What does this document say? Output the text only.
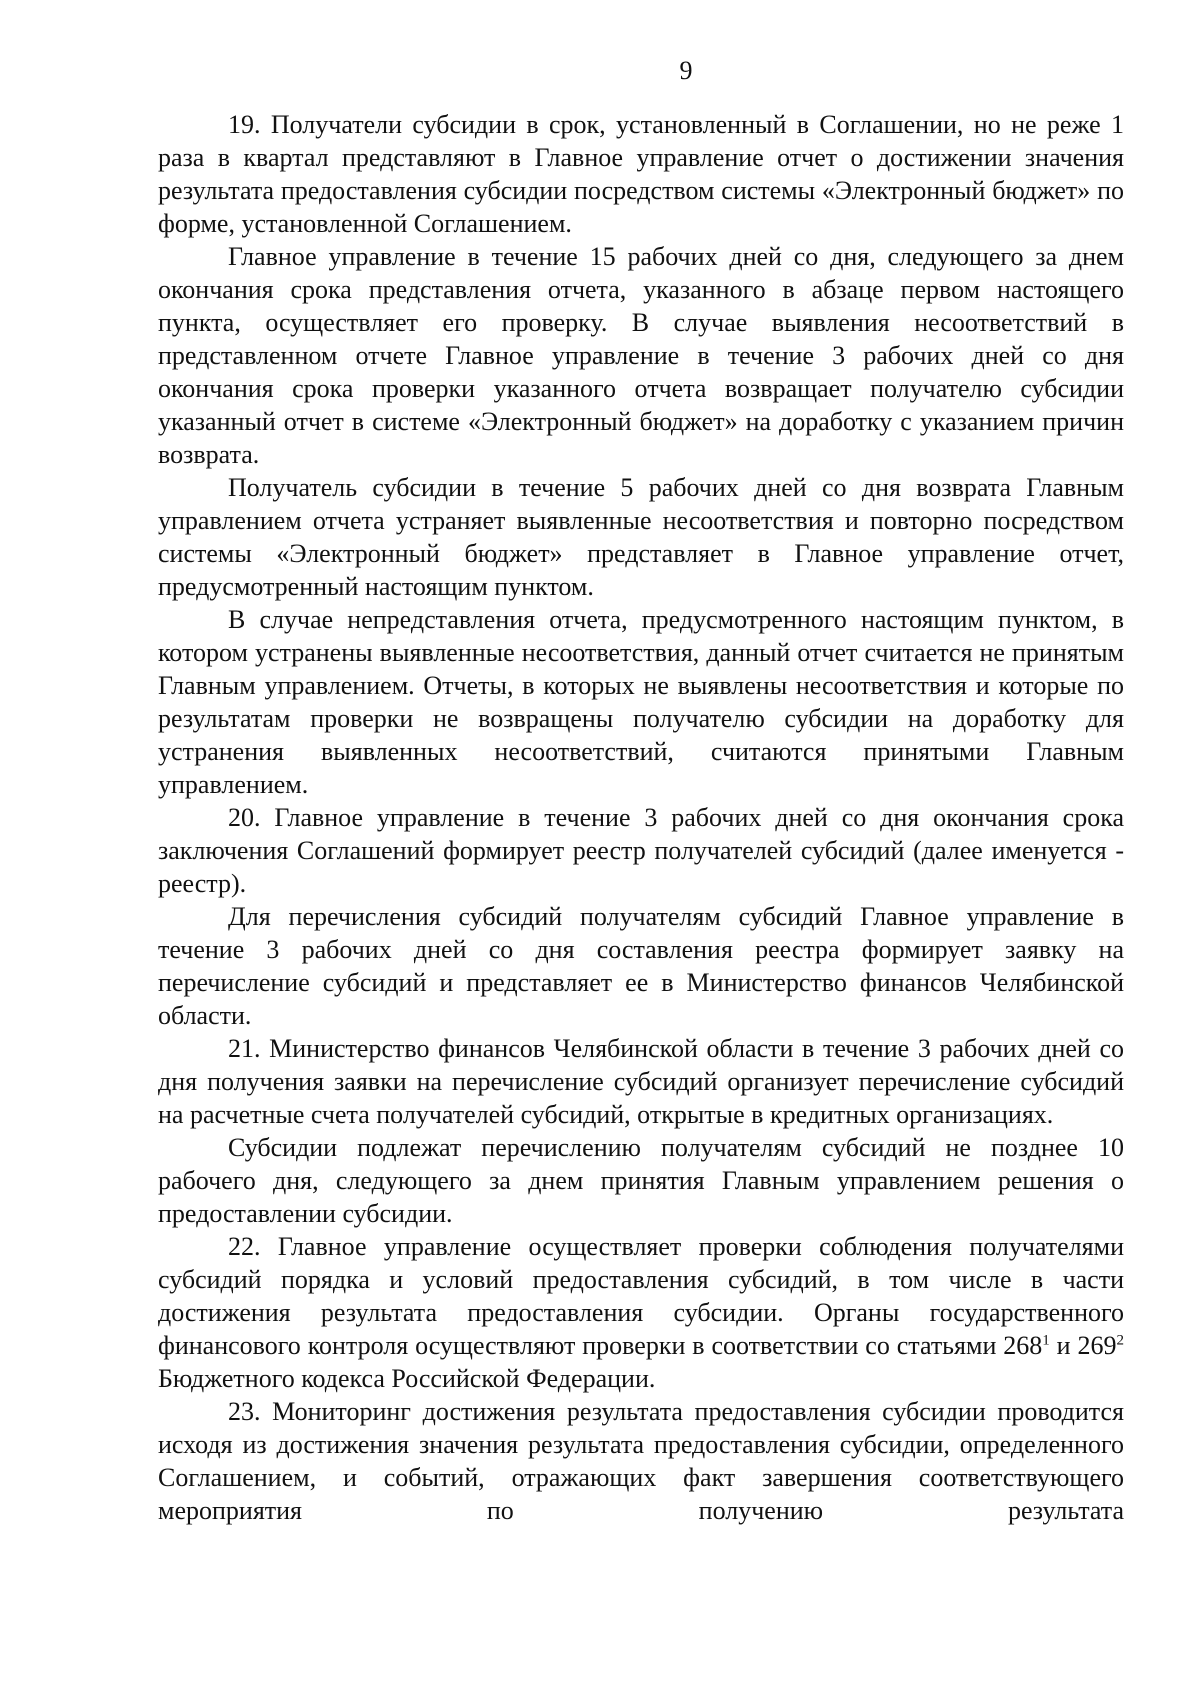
9

19. Получатели субсидии в срок, установленный в Соглашении, но не реже 1 раза в квартал представляют в Главное управление отчет о достижении значения результата предоставления субсидии посредством системы «Электронный бюджет» по форме, установленной Соглашением.

Главное управление в течение 15 рабочих дней со дня, следующего за днем окончания срока представления отчета, указанного в абзаце первом настоящего пункта, осуществляет его проверку. В случае выявления несоответствий в представленном отчете Главное управление в течение 3 рабочих дней со дня окончания срока проверки указанного отчета возвращает получателю субсидии указанный отчет в системе «Электронный бюджет» на доработку с указанием причин возврата.

Получатель субсидии в течение 5 рабочих дней со дня возврата Главным управлением отчета устраняет выявленные несоответствия и повторно посредством системы «Электронный бюджет» представляет в Главное управление отчет, предусмотренный настоящим пунктом.

В случае непредставления отчета, предусмотренного настоящим пунктом, в котором устранены выявленные несоответствия, данный отчет считается не принятым Главным управлением. Отчеты, в которых не выявлены несоответствия и которые по результатам проверки не возвращены получателю субсидии на доработку для устранения выявленных несоответствий, считаются принятыми Главным управлением.

20. Главное управление в течение 3 рабочих дней со дня окончания срока заключения Соглашений формирует реестр получателей субсидий (далее именуется - реестр).

Для перечисления субсидий получателям субсидий Главное управление в течение 3 рабочих дней со дня составления реестра формирует заявку на перечисление субсидий и представляет ее в Министерство финансов Челябинской области.

21. Министерство финансов Челябинской области в течение 3 рабочих дней со дня получения заявки на перечисление субсидий организует перечисление субсидий на расчетные счета получателей субсидий, открытые в кредитных организациях.

Субсидии подлежат перечислению получателям субсидий не позднее 10 рабочего дня, следующего за днем принятия Главным управлением решения о предоставлении субсидии.

22. Главное управление осуществляет проверки соблюдения получателями субсидий порядка и условий предоставления субсидий, в том числе в части достижения результата предоставления субсидии. Органы государственного финансового контроля осуществляют проверки в соответствии со статьями $268^1$ и $269^2$ Бюджетного кодекса Российской Федерации.

23. Мониторинг достижения результата предоставления субсидии проводится исходя из достижения значения результата предоставления субсидии, определенного Соглашением, и событий, отражающих факт завершения соответствующего мероприятия по получению результата
